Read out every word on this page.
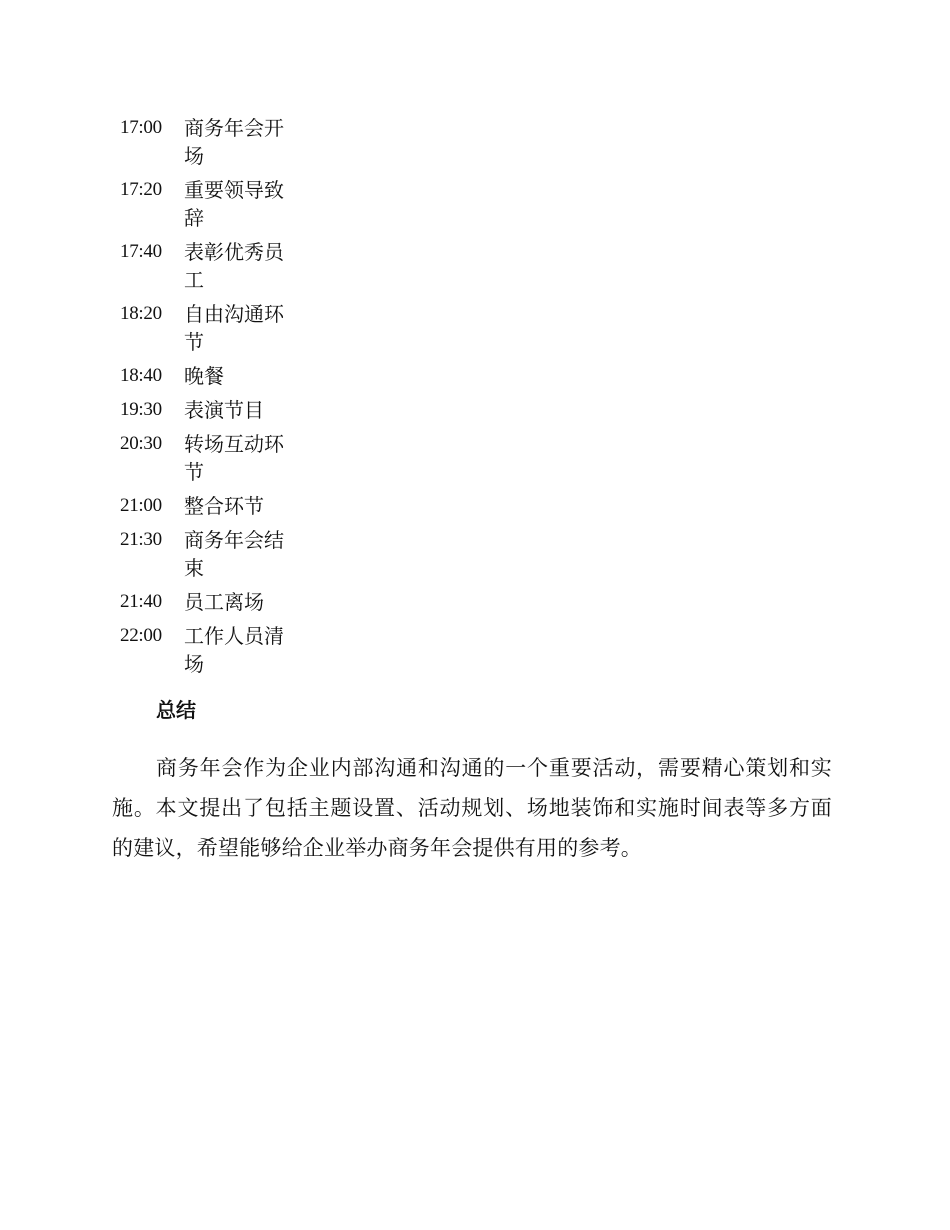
17:00	商务年会开场
17:20	重要领导致辞
17:40	表彰优秀员工
18:20	自由沟通环节
18:40	晚餐
19:30	表演节目
20:30	转场互动环节
21:00	整合环节
21:30	商务年会结束
21:40	员工离场
22:00	工作人员清场
总结

商务年会作为企业内部沟通和沟通的一个重要活动，需要精心策划和实施。本文提出了包括主题设置、活动规划、场地装饰和实施时间表等多方面的建议，希望能够给企业举办商务年会提供有用的参考。
